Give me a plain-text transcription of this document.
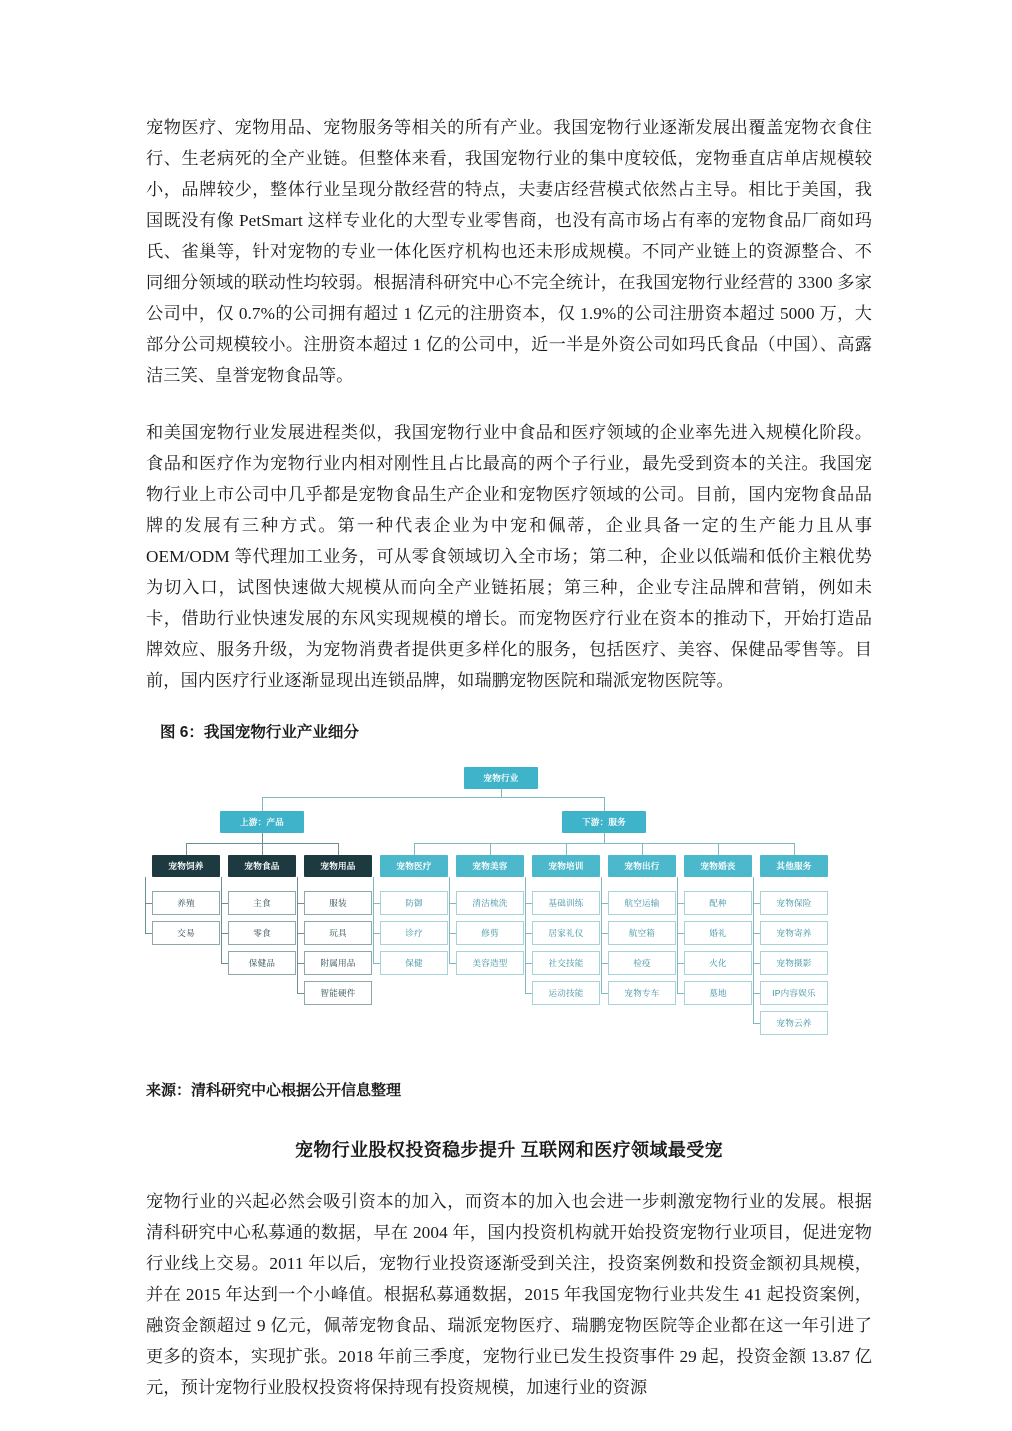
宠物医疗、宠物用品、宠物服务等相关的所有产业。我国宠物行业逐渐发展出覆盖宠物衣食住行、生老病死的全产业链。但整体来看，我国宠物行业的集中度较低，宠物垂直店单店规模较小，品牌较少，整体行业呈现分散经营的特点，夫妻店经营模式依然占主导。相比于美国，我国既没有像 PetSmart 这样专业化的大型专业零售商，也没有高市场占有率的宠物食品厂商如玛氏、雀巢等，针对宠物的专业一体化医疗机构也还未形成规模。不同产业链上的资源整合、不同细分领域的联动性均较弱。根据清科研究中心不完全统计，在我国宠物行业经营的 3300 多家公司中，仅 0.7%的公司拥有超过 1 亿元的注册资本，仅 1.9%的公司注册资本超过 5000 万，大部分公司规模较小。注册资本超过 1 亿的公司中，近一半是外资公司如玛氏食品（中国）、高露洁三笑、皇誉宠物食品等。

和美国宠物行业发展进程类似，我国宠物行业中食品和医疗领域的企业率先进入规模化阶段。食品和医疗作为宠物行业内相对刚性且占比最高的两个子行业，最先受到资本的关注。我国宠物行业上市公司中几乎都是宠物食品生产企业和宠物医疗领域的公司。目前，国内宠物食品品牌的发展有三种方式。第一种代表企业为中宠和佩蒂，企业具备一定的生产能力且从事 OEM/ODM 等代理加工业务，可从零食领域切入全市场；第二种，企业以低端和低价主粮优势为切入口，试图快速做大规模从而向全产业链拓展；第三种，企业专注品牌和营销，例如未卡，借助行业快速发展的东风实现规模的增长。而宠物医疗行业在资本的推动下，开始打造品牌效应、服务升级，为宠物消费者提供更多样化的服务，包括医疗、美容、保健品零售等。目前，国内医疗行业逐渐显现出连锁品牌，如瑞鹏宠物医院和瑞派宠物医院等。

图 6：我国宠物行业产业细分
宠物行业
上游：产品	下游：服务
宠物饲养
养殖
交易
宠物食品
主食
零食
保健品
宠物用品
服装
玩具
附属用品
智能硬件
宠物医疗
防御
诊疗
保健
宠物美容
清洁梳洗
修剪
美容造型
宠物培训
基础训练
居家礼仪
社交技能
运动技能
宠物出行
航空运输
航空箱
检疫
宠物专车
宠物婚丧
配种
婚礼
火化
墓地
其他服务
宠物保险
宠物寄养
宠物摄影
IP内容娱乐
宠物云养
来源：清科研究中心根据公开信息整理
宠物行业股权投资稳步提升 互联网和医疗领域最受宠

宠物行业的兴起必然会吸引资本的加入，而资本的加入也会进一步刺激宠物行业的发展。根据清科研究中心私募通的数据，早在 2004 年，国内投资机构就开始投资宠物行业项目，促进宠物行业线上交易。2011 年以后，宠物行业投资逐渐受到关注，投资案例数和投资金额初具规模，并在 2015 年达到一个小峰值。根据私募通数据，2015 年我国宠物行业共发生 41 起投资案例，融资金额超过 9 亿元，佩蒂宠物食品、瑞派宠物医疗、瑞鹏宠物医院等企业都在这一年引进了更多的资本，实现扩张。2018 年前三季度，宠物行业已发生投资事件 29 起，投资金额 13.87 亿元，预计宠物行业股权投资将保持现有投资规模，加速行业的资源
